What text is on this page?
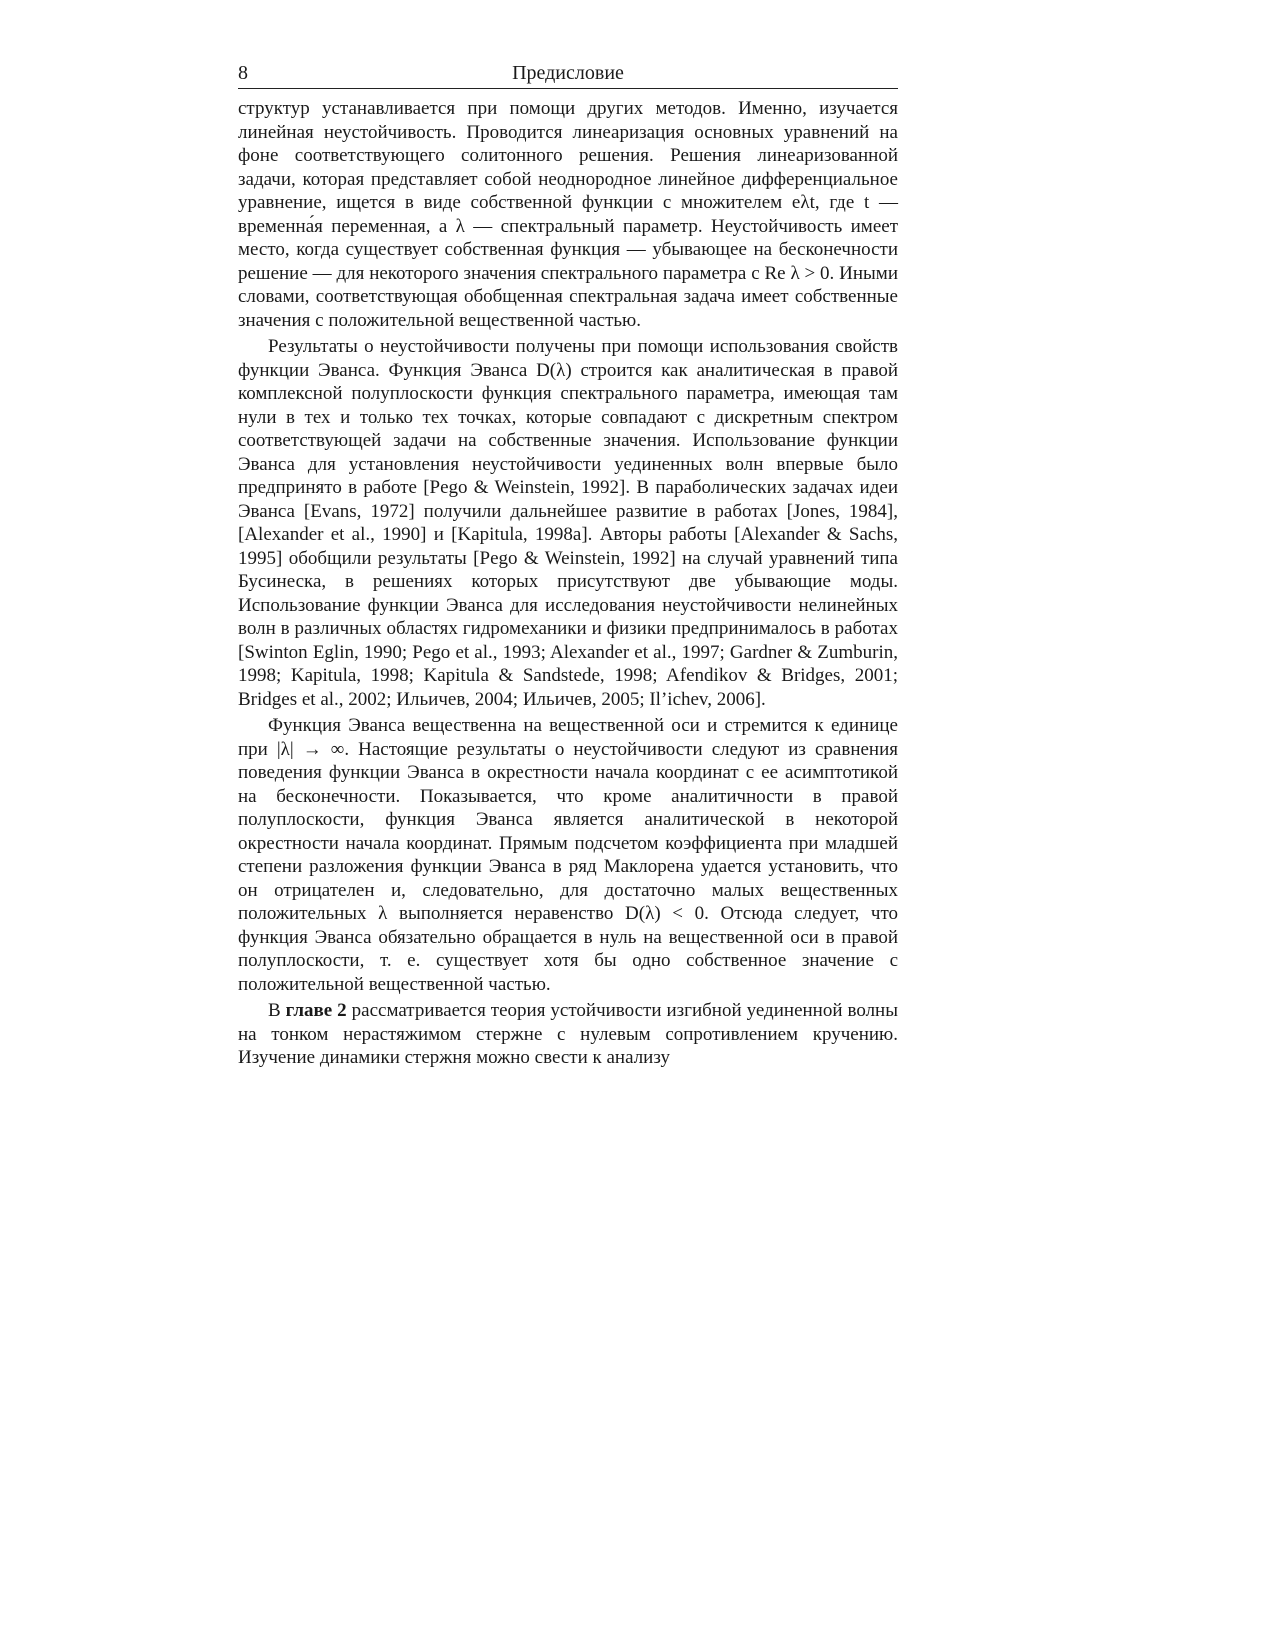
8	Предисловие

структур устанавливается при помощи других методов. Именно, изучается линейная неустойчивость. Проводится линеаризация основных уравнений на фоне соответствующего солитонного решения. Решения линеаризованной задачи, которая представляет собой неоднородное линейное дифференциальное уравнение, ищется в виде собственной функции с множителем eλt, где t — временна́я переменная, а λ — спектральный параметр. Неустойчивость имеет место, когда существует собственная функция — убывающее на бесконечности решение — для некоторого значения спектрального параметра с Re λ > 0. Иными словами, соответствующая обобщенная спектральная задача имеет собственные значения с положительной вещественной частью.

Результаты о неустойчивости получены при помощи использования свойств функции Эванса. Функция Эванса D(λ) строится как аналитическая в правой комплексной полуплоскости функция спектрального параметра, имеющая там нули в тех и только тех точках, которые совпадают с дискретным спектром соответствующей задачи на собственные значения. Использование функции Эванса для установления неустойчивости уединенных волн впервые было предпринято в работе [Pego & Weinstein, 1992]. В параболических задачах идеи Эванса [Evans, 1972] получили дальнейшее развитие в работах [Jones, 1984], [Alexander et al., 1990] и [Kapitula, 1998a]. Авторы работы [Alexander & Sachs, 1995] обобщили результаты [Pego & Weinstein, 1992] на случай уравнений типа Бусинеска, в решениях которых присутствуют две убывающие моды. Использование функции Эванса для исследования неустойчивости нелинейных волн в различных областях гидромеханики и физики предпринималось в работах [Swinton Eglin, 1990; Pego et al., 1993; Alexander et al., 1997; Gardner & Zumburin, 1998; Kapitula, 1998; Kapitula & Sandstede, 1998; Afendikov & Bridges, 2001; Bridges et al., 2002; Ильичев, 2004; Ильичев, 2005; Il’ichev, 2006].

Функция Эванса вещественна на вещественной оси и стремится к единице при |λ| → ∞. Настоящие результаты о неустойчивости следуют из сравнения поведения функции Эванса в окрестности начала координат с ее асимптотикой на бесконечности. Показывается, что кроме аналитичности в правой полуплоскости, функция Эванса является аналитической в некоторой окрестности начала координат. Прямым подсчетом коэффициента при младшей степени разложения функции Эванса в ряд Маклорена удается установить, что он отрицателен и, следовательно, для достаточно малых вещественных положительных λ выполняется неравенство D(λ) < 0. Отсюда следует, что функция Эванса обязательно обращается в нуль на вещественной оси в правой полуплоскости, т. е. существует хотя бы одно собственное значение с положительной вещественной частью.

В главе 2 рассматривается теория устойчивости изгибной уединенной волны на тонком нерастяжимом стержне с нулевым сопротивлением кручению. Изучение динамики стержня можно свести к анализу
